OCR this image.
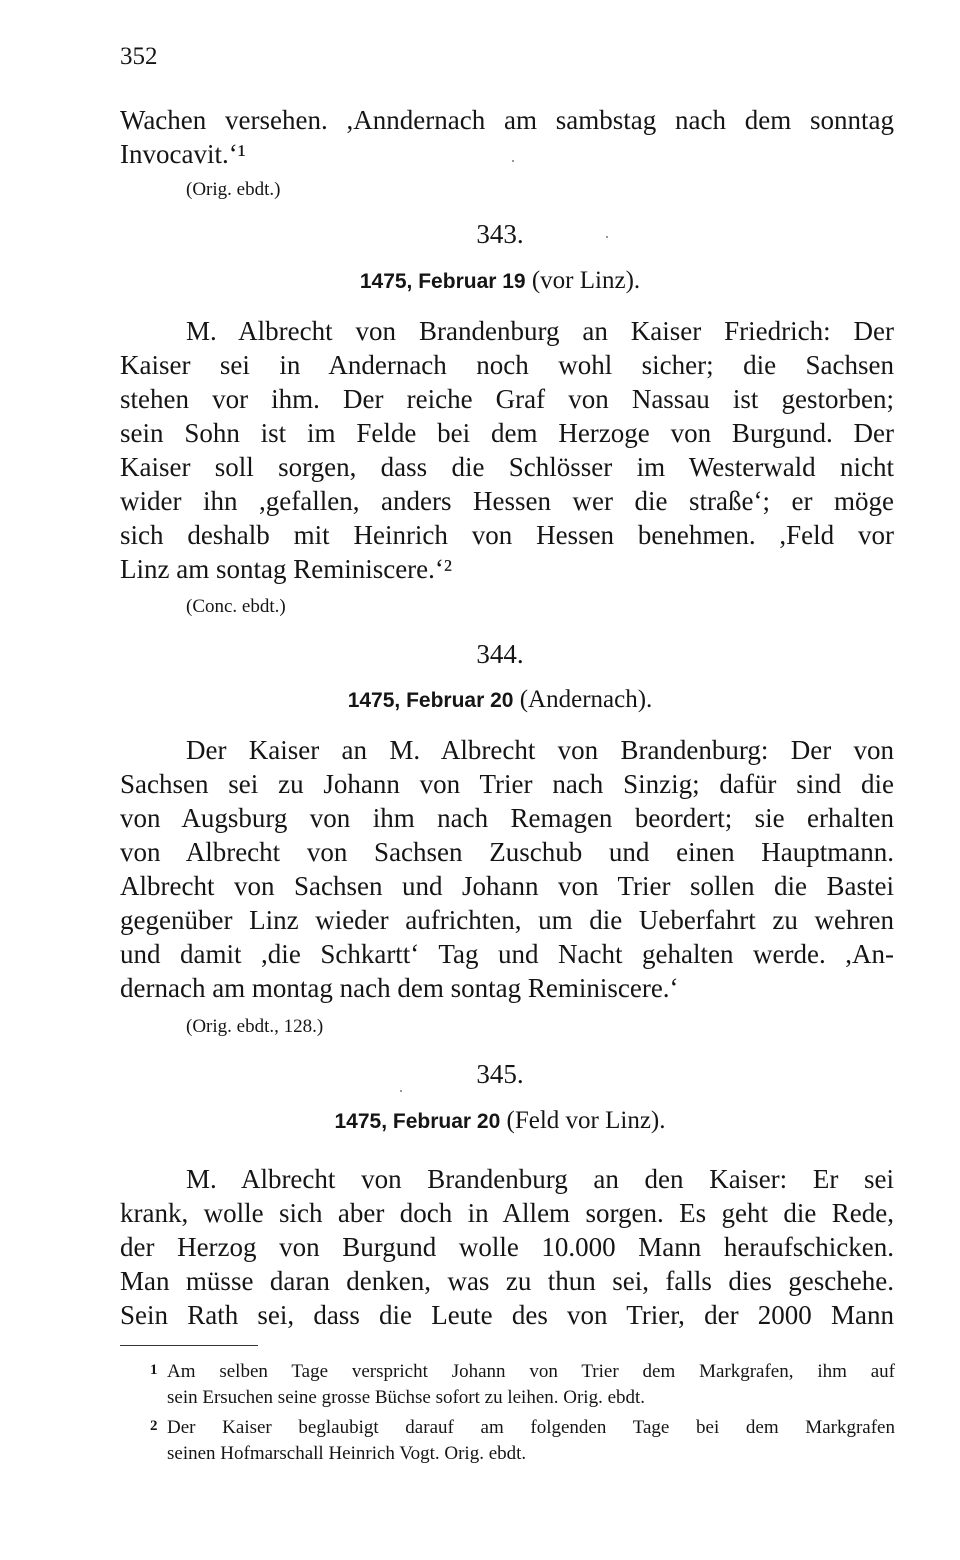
352
Wachen versehen. ,Anndernach am sambstag nach dem sonntag
Invocavit.‘¹
(Orig. ebdt.)
343.
1475, Februar 19 (vor Linz).
M. Albrecht von Brandenburg an Kaiser Friedrich: Der
Kaiser sei in Andernach noch wohl sicher; die Sachsen
stehen vor ihm. Der reiche Graf von Nassau ist gestorben;
sein Sohn ist im Felde bei dem Herzoge von Burgund. Der
Kaiser soll sorgen, dass die Schlösser im Westerwald nicht
wider ihn ,gefallen, anders Hessen wer die straße‘; er möge
sich deshalb mit Heinrich von Hessen benehmen. ,Feld vor
Linz am sontag Reminiscere.‘²
(Conc. ebdt.)
344.
1475, Februar 20 (Andernach).
Der Kaiser an M. Albrecht von Brandenburg: Der von
Sachsen sei zu Johann von Trier nach Sinzig; dafür sind die
von Augsburg von ihm nach Remagen beordert; sie erhalten
von Albrecht von Sachsen Zuschub und einen Hauptmann.
Albrecht von Sachsen und Johann von Trier sollen die Bastei
gegenüber Linz wieder aufrichten, um die Ueberfahrt zu wehren
und damit ,die Schkartt‘ Tag und Nacht gehalten werde. ,An-
dernach am montag nach dem sontag Reminiscere.‘
(Orig. ebdt., 128.)
345.
1475, Februar 20 (Feld vor Linz).
M. Albrecht von Brandenburg an den Kaiser: Er sei
krank, wolle sich aber doch in Allem sorgen. Es geht die Rede,
der Herzog von Burgund wolle 10.000 Mann heraufschicken.
Man müsse daran denken, was zu thun sei, falls dies geschehe.
Sein Rath sei, dass die Leute des von Trier, der 2000 Mann
1 Am selben Tage verspricht Johann von Trier dem Markgrafen, ihm auf
sein Ersuchen seine grosse Büchse sofort zu leihen. Orig. ebdt.
2 Der Kaiser beglaubigt darauf am folgenden Tage bei dem Markgrafen
seinen Hofmarschall Heinrich Vogt. Orig. ebdt.
